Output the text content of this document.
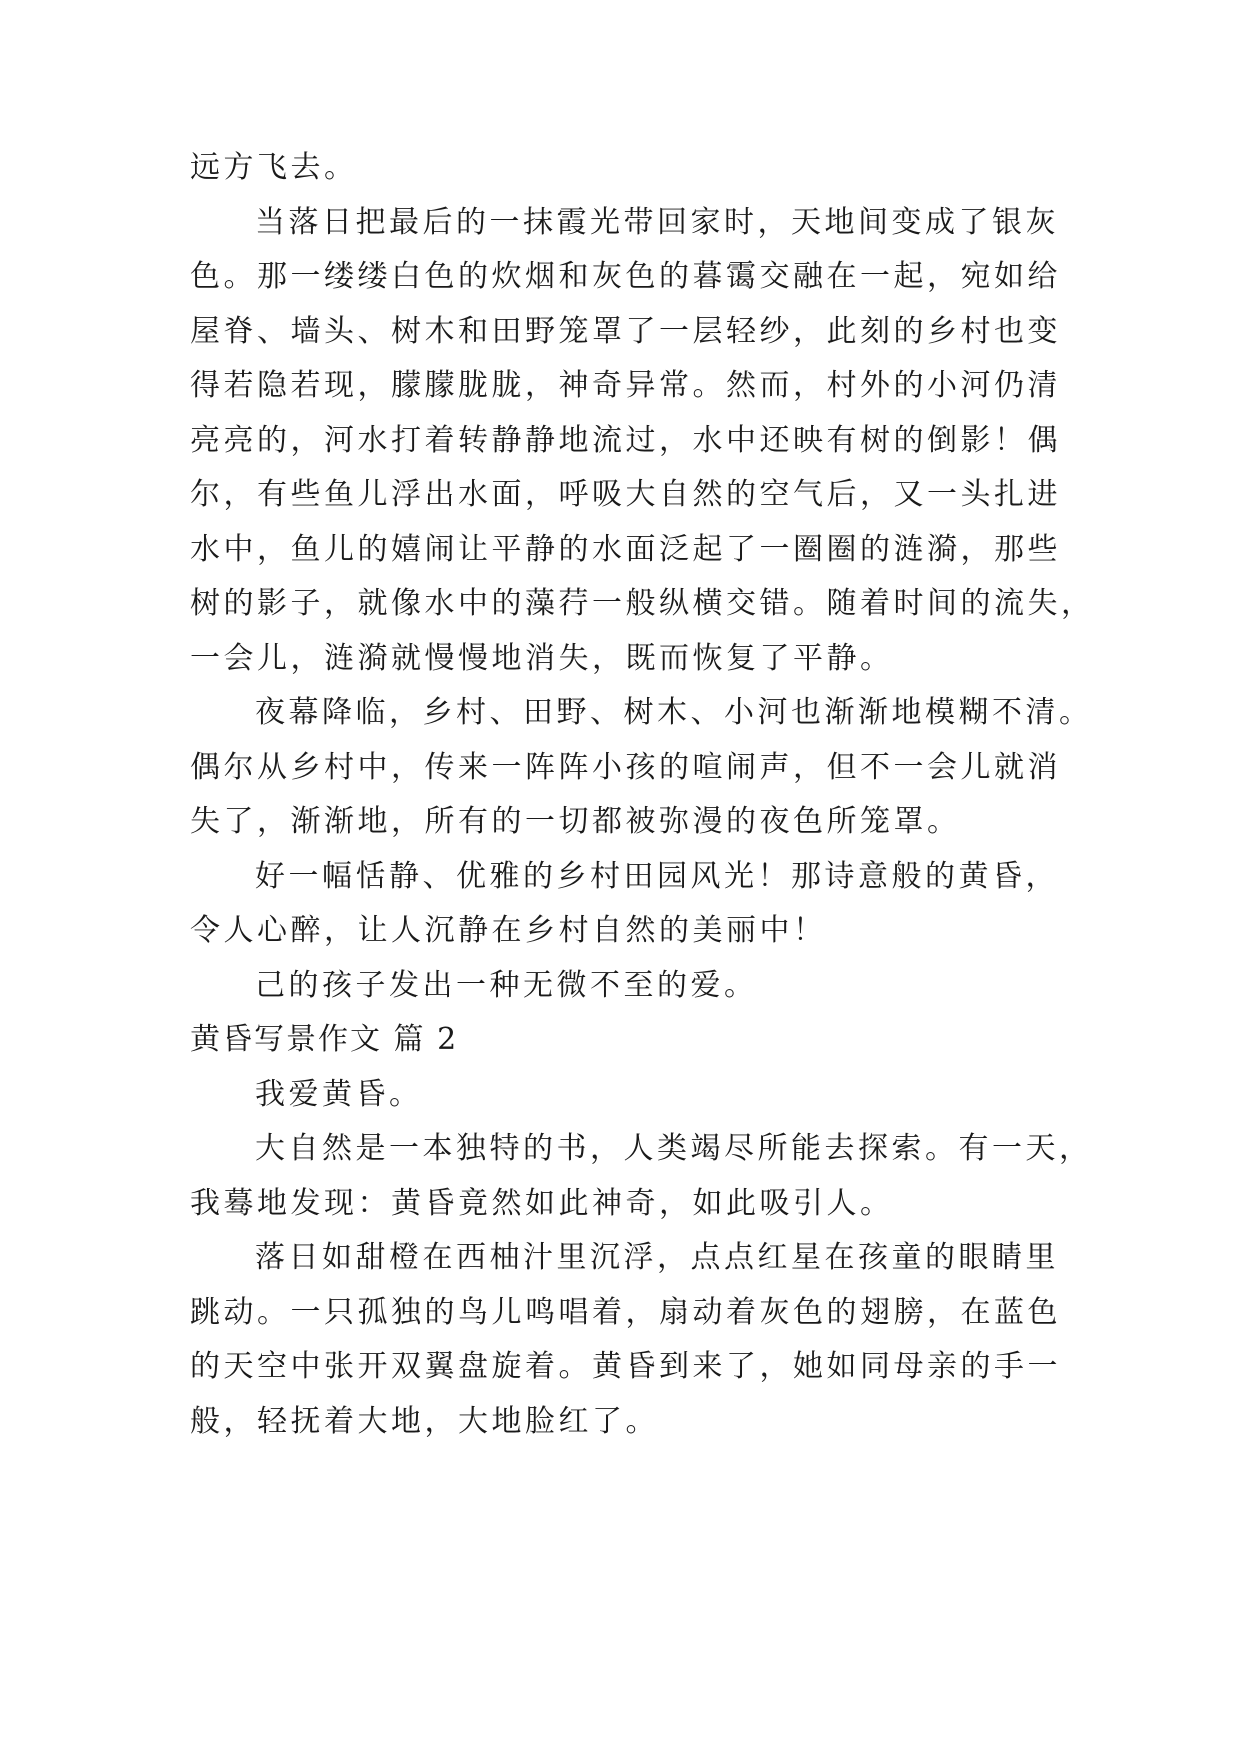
远方飞去。
当落日把最后的一抹霞光带回家时，天地间变成了银灰
色。那一缕缕白色的炊烟和灰色的暮霭交融在一起，宛如给
屋脊、墙头、树木和田野笼罩了一层轻纱，此刻的乡村也变
得若隐若现，朦朦胧胧，神奇异常。然而，村外的小河仍清
亮亮的，河水打着转静静地流过，水中还映有树的倒影！偶
尔，有些鱼儿浮出水面，呼吸大自然的空气后，又一头扎进
水中，鱼儿的嬉闹让平静的水面泛起了一圈圈的涟漪，那些
树的影子，就像水中的藻荇一般纵横交错。随着时间的流失，
一会儿，涟漪就慢慢地消失，既而恢复了平静。
夜幕降临，乡村、田野、树木、小河也渐渐地模糊不清。
偶尔从乡村中，传来一阵阵小孩的喧闹声，但不一会儿就消
失了，渐渐地，所有的一切都被弥漫的夜色所笼罩。
好一幅恬静、优雅的乡村田园风光！那诗意般的黄昏，
令人心醉，让人沉静在乡村自然的美丽中！
己的孩子发出一种无微不至的爱。
黄昏写景作文 篇 2
我爱黄昏。
大自然是一本独特的书，人类竭尽所能去探索。有一天，
我蓦地发现：黄昏竟然如此神奇，如此吸引人。
落日如甜橙在西柚汁里沉浮，点点红星在孩童的眼睛里
跳动。一只孤独的鸟儿鸣唱着，扇动着灰色的翅膀，在蓝色
的天空中张开双翼盘旋着。黄昏到来了，她如同母亲的手一
般，轻抚着大地，大地脸红了。
